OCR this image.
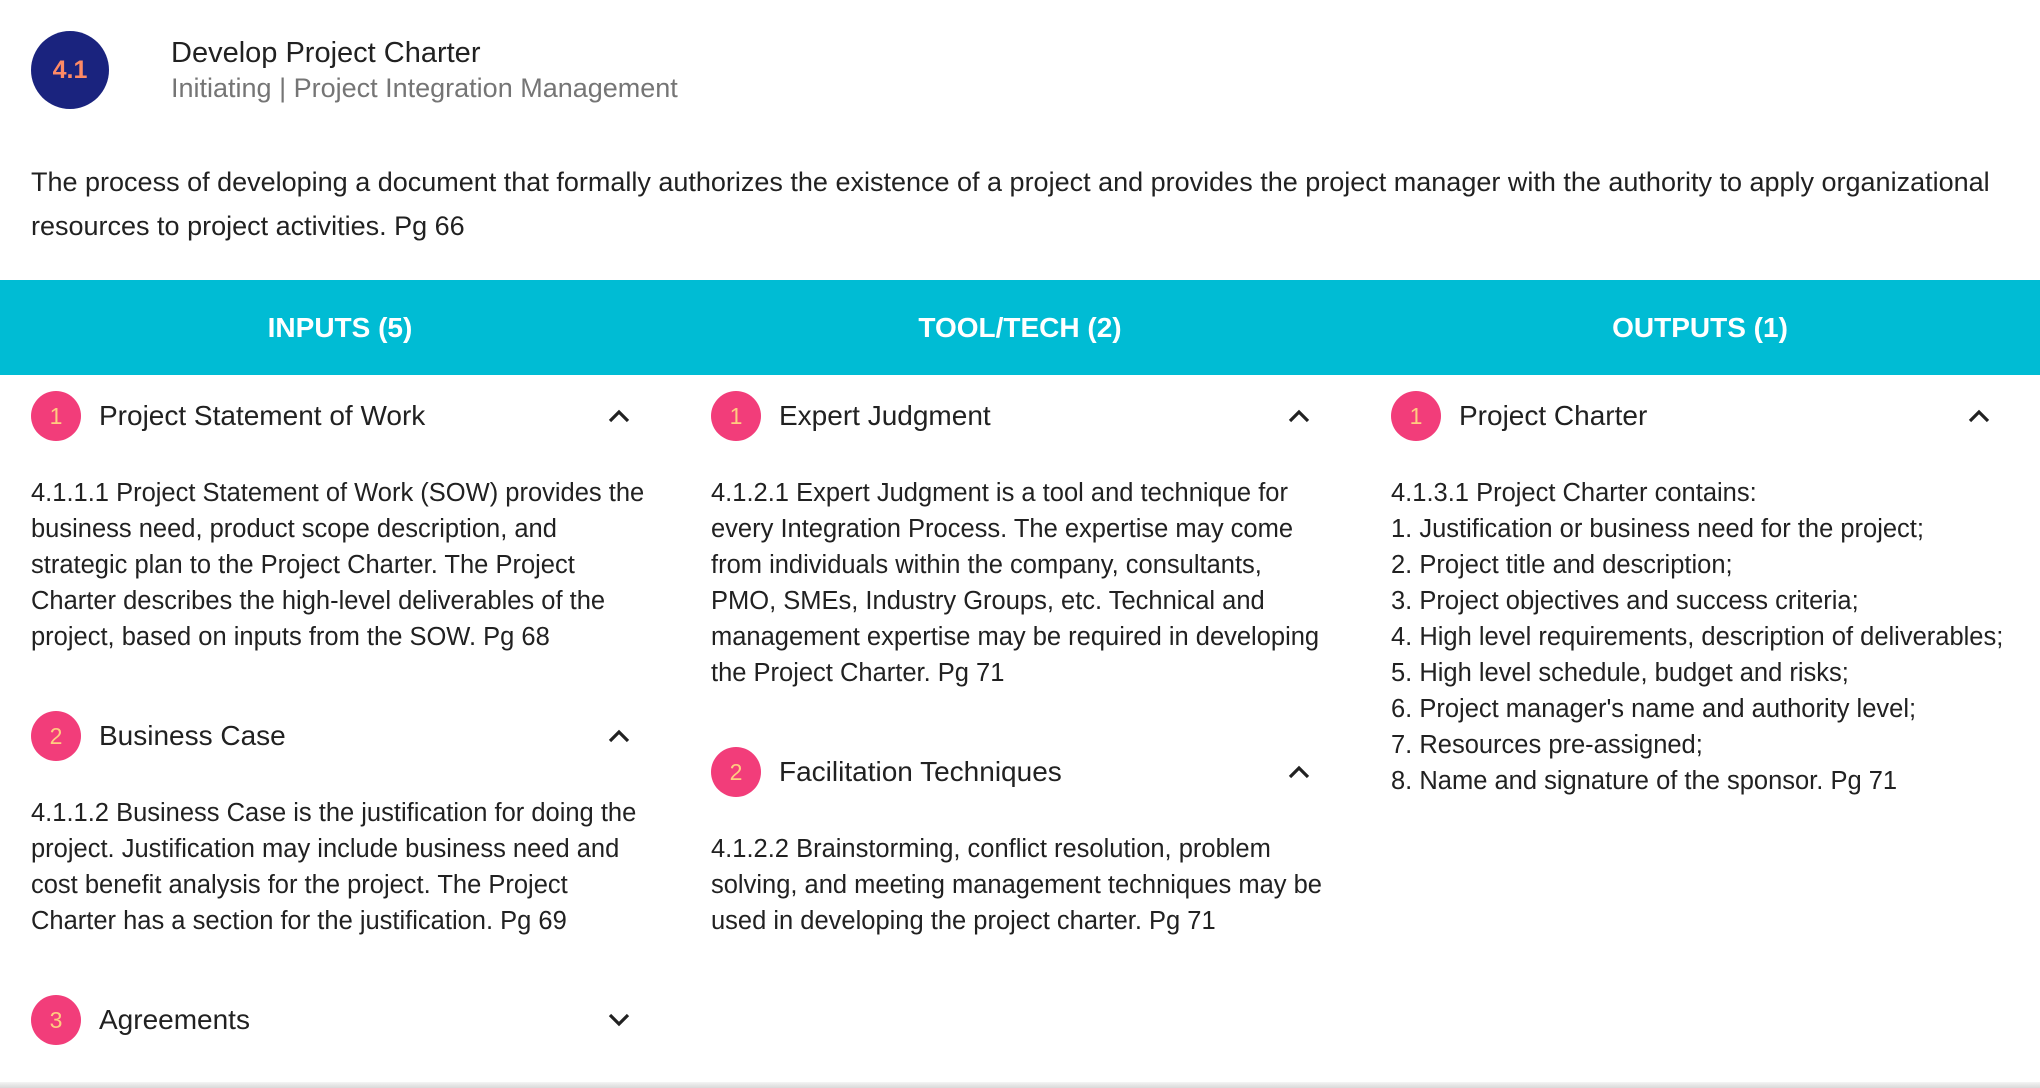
4.1
Develop Project Charter
Initiating | Project Integration Management
The process of developing a document that formally authorizes the existence of a project and provides the project manager with the authority to apply organizational resources to project activities. Pg 66
INPUTS (5)	TOOL/TECH (2)	OUTPUTS (1)
1	Project Statement of Work
4.1.1.1 Project Statement of Work (SOW) provides the business need, product scope description, and strategic plan to the Project Charter. The Project Charter describes the high-level deliverables of the project, based on inputs from the SOW. Pg 68
2	Business Case
4.1.1.2 Business Case is the justification for doing the project. Justification may include business need and cost benefit analysis for the project. The Project Charter has a section for the justification. Pg 69
3	Agreements
1	Expert Judgment
4.1.2.1 Expert Judgment is a tool and technique for every Integration Process. The expertise may come from individuals within the company, consultants, PMO, SMEs, Industry Groups, etc. Technical and management expertise may be required in developing the Project Charter. Pg 71
2	Facilitation Techniques
4.1.2.2 Brainstorming, conflict resolution, problem solving, and meeting management techniques may be used in developing the project charter. Pg 71
1	Project Charter
4.1.3.1 Project Charter contains:
1. Justification or business need for the project;
2. Project title and description;
3. Project objectives and success criteria;
4. High level requirements, description of deliverables;
5. High level schedule, budget and risks;
6. Project manager's name and authority level;
7. Resources pre-assigned;
8. Name and signature of the sponsor. Pg 71
